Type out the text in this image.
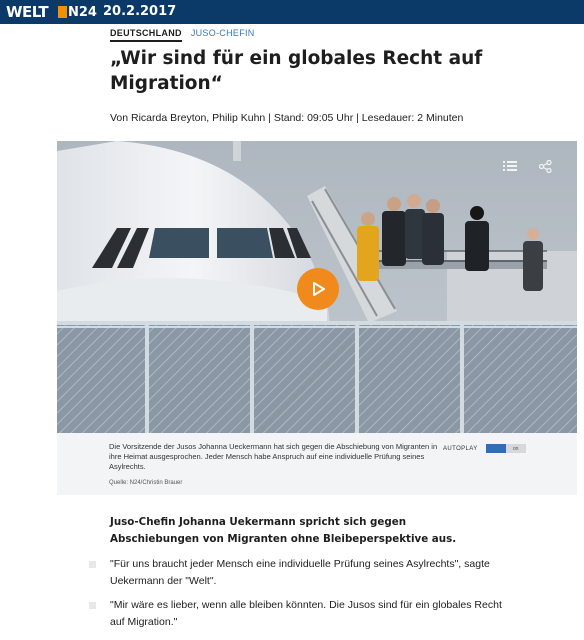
WELT N24 20.2.2017
DEUTSCHLAND JUSO-CHEFIN
„Wir sind für ein globales Recht auf Migration“
Von Ricarda Breyton, Philip Kuhn | Stand: 09:05 Uhr | Lesedauer: 2 Minuten
Die Vorsitzende der Jusos Johanna Ueckermann hat sich gegen die Abschiebung von Migranten in ihre Heimat ausgesprochen. Jeder Mensch habe Anspruch auf eine individuelle Prüfung seines Asylrechts.
Quelle: N24/Christin Brauer
AUTOPLAY	on

Juso-Chefin Johanna Uekermann spricht sich gegen Abschiebungen von Migranten ohne Bleibeperspektive aus.

"Für uns braucht jeder Mensch eine individuelle Prüfung seines Asylrechts", sagte Uekermann der "Welt".

"Mir wäre es lieber, wenn alle bleiben könnten. Die Jusos sind für ein globales Recht auf Migration."
